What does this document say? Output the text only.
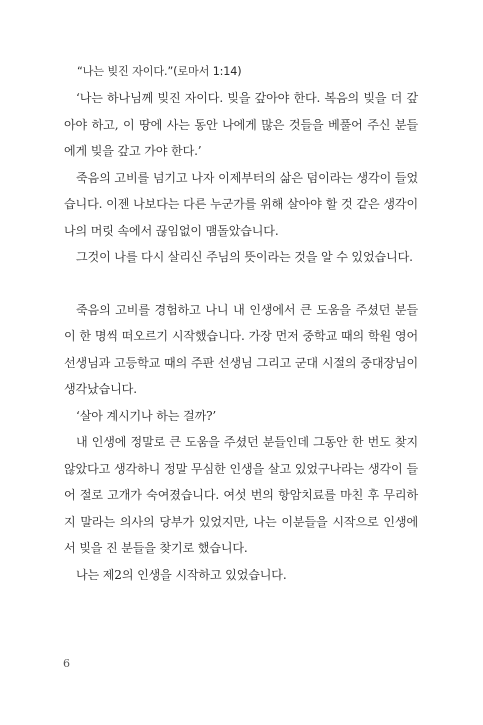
“나는 빚진 자이다.”(로마서 1:14)

‘나는 하나님께 빚진 자이다. 빚을 갚아야 한다. 복음의 빚을 더 갚아야 하고, 이 땅에 사는 동안 나에게 많은 것들을 베풀어 주신 분들에게 빚을 갚고 가야 한다.’

죽음의 고비를 넘기고 나자 이제부터의 삶은 덤이라는 생각이 들었습니다. 이젠 나보다는 다른 누군가를 위해 살아야 할 것 같은 생각이 나의 머릿 속에서 끊임없이 맴돌았습니다.

그것이 나를 다시 살리신 주님의 뜻이라는 것을 알 수 있었습니다.

죽음의 고비를 경험하고 나니 내 인생에서 큰 도움을 주셨던 분들이 한 명씩 떠오르기 시작했습니다. 가장 먼저 중학교 때의 학원 영어선생님과 고등학교 때의 주판 선생님 그리고 군대 시절의 중대장님이 생각났습니다.

‘살아 계시기나 하는 걸까?’

내 인생에 정말로 큰 도움을 주셨던 분들인데 그동안 한 번도 찾지 않았다고 생각하니 정말 무심한 인생을 살고 있었구나라는 생각이 들어 절로 고개가 숙여졌습니다. 여섯 번의 항암치료를 마친 후 무리하지 말라는 의사의 당부가 있었지만, 나는 이분들을 시작으로 인생에서 빚을 진 분들을 찾기로 했습니다.

나는 제2의 인생을 시작하고 있었습니다.

6
